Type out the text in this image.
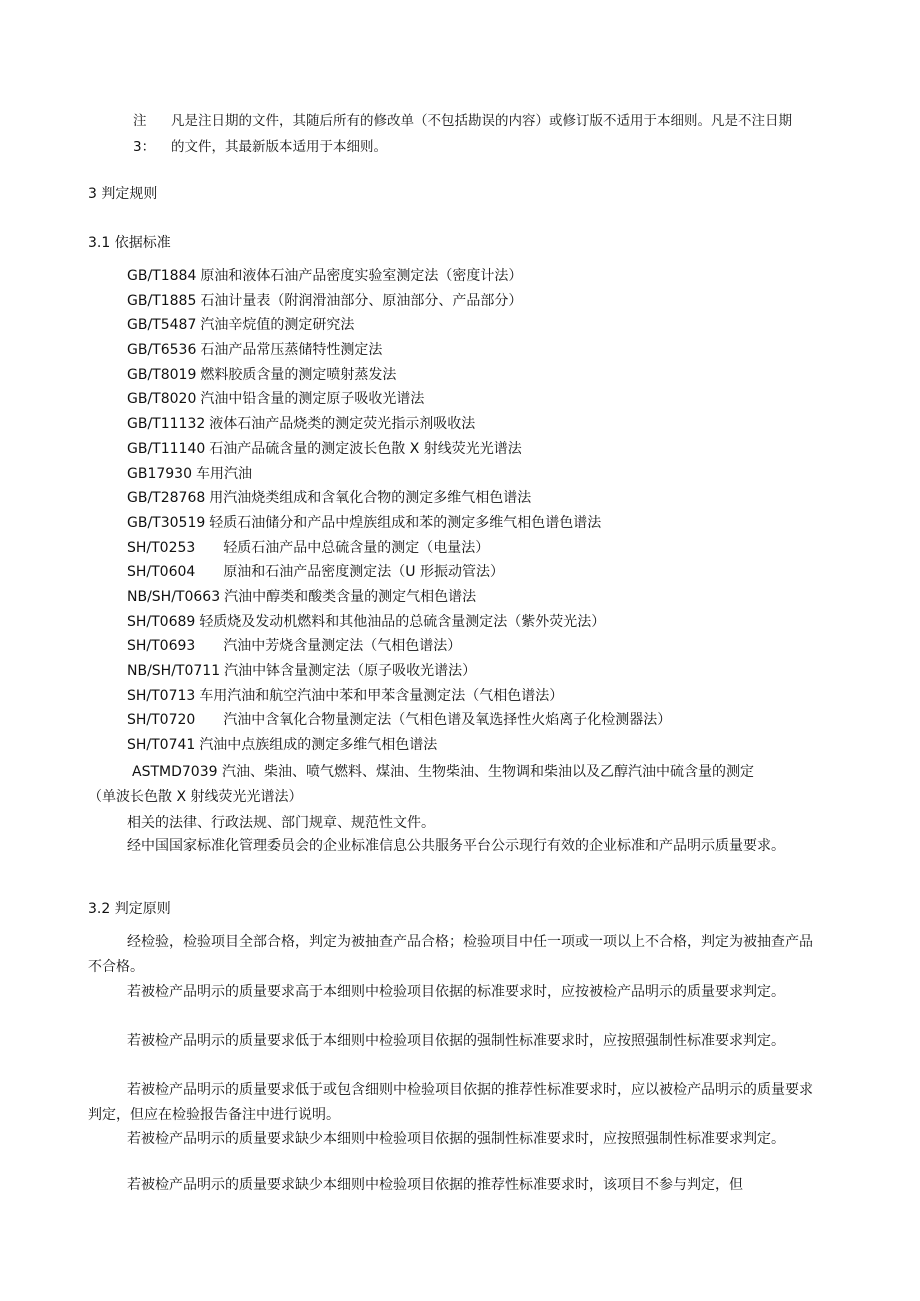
注 3：
凡是注日期的文件，其随后所有的修改单（不包括勘误的内容）或修订版不适用于本细则。凡是不注日期
的文件，其最新版本适用于本细则。
3 判定规则
3.1 依据标准
GB/T1884 原油和液体石油产品密度实验室测定法（密度计法）
GB/T1885 石油计量表（附润滑油部分、原油部分、产品部分）
GB/T5487 汽油辛烷值的测定研究法
GB/T6536 石油产品常压蒸储特性测定法
GB/T8019 燃料胶质含量的测定喷射蒸发法
GB/T8020 汽油中铅含量的测定原子吸收光谱法
GB/T11132 液体石油产品烧类的测定荧光指示剂吸收法
GB/T11140 石油产品硫含量的测定波长色散 X 射线荧光光谱法
GB17930 车用汽油
GB/T28768 用汽油烧类组成和含氧化合物的测定多维气相色谱法
GB/T30519 轻质石油储分和产品中煌族组成和苯的测定多维气相色谱色谱法
SH/T0253 轻质石油产品中总硫含量的测定（电量法）
SH/T0604 原油和石油产品密度测定法（U 形振动管法）
NB/SH/T0663 汽油中醇类和酸类含量的测定气相色谱法
SH/T0689 轻质烧及发动机燃料和其他油品的总硫含量测定法（紫外荧光法）
SH/T0693 汽油中芳烧含量测定法（气相色谱法）
NB/SH/T0711 汽油中钵含量测定法（原子吸收光谱法）
SH/T0713 车用汽油和航空汽油中苯和甲苯含量测定法（气相色谱法）
SH/T0720 汽油中含氧化合物量测定法（气相色谱及氧选择性火焰离子化检测器法）
SH/T0741 汽油中点族组成的测定多维气相色谱法
ASTMD7039 汽油、柴油、喷气燃料、煤油、生物柴油、生物调和柴油以及乙醇汽油中硫含量的测定
（单波长色散 X 射线荧光光谱法）
相关的法律、行政法规、部门规章、规范性文件。
经中国国家标准化管理委员会的企业标准信息公共服务平台公示现行有效的企业标准和产品明示质量要求。
3.2 判定原则
经检验，检验项目全部合格，判定为被抽查产品合格；检验项目中任一项或一项以上不合格，判定为被抽查产品不合格。
若被检产品明示的质量要求高于本细则中检验项目依据的标准要求时，应按被检产品明示的质量要求判定。
若被检产品明示的质量要求低于本细则中检验项目依据的强制性标准要求时，应按照强制性标准要求判定。
若被检产品明示的质量要求低于或包含细则中检验项目依据的推荐性标准要求时，应以被检产品明示的质量要求判定，但应在检验报告备注中进行说明。
若被检产品明示的质量要求缺少本细则中检验项目依据的强制性标准要求时，应按照强制性标准要求判定。
若被检产品明示的质量要求缺少本细则中检验项目依据的推荐性标准要求时，该项目不参与判定，但
